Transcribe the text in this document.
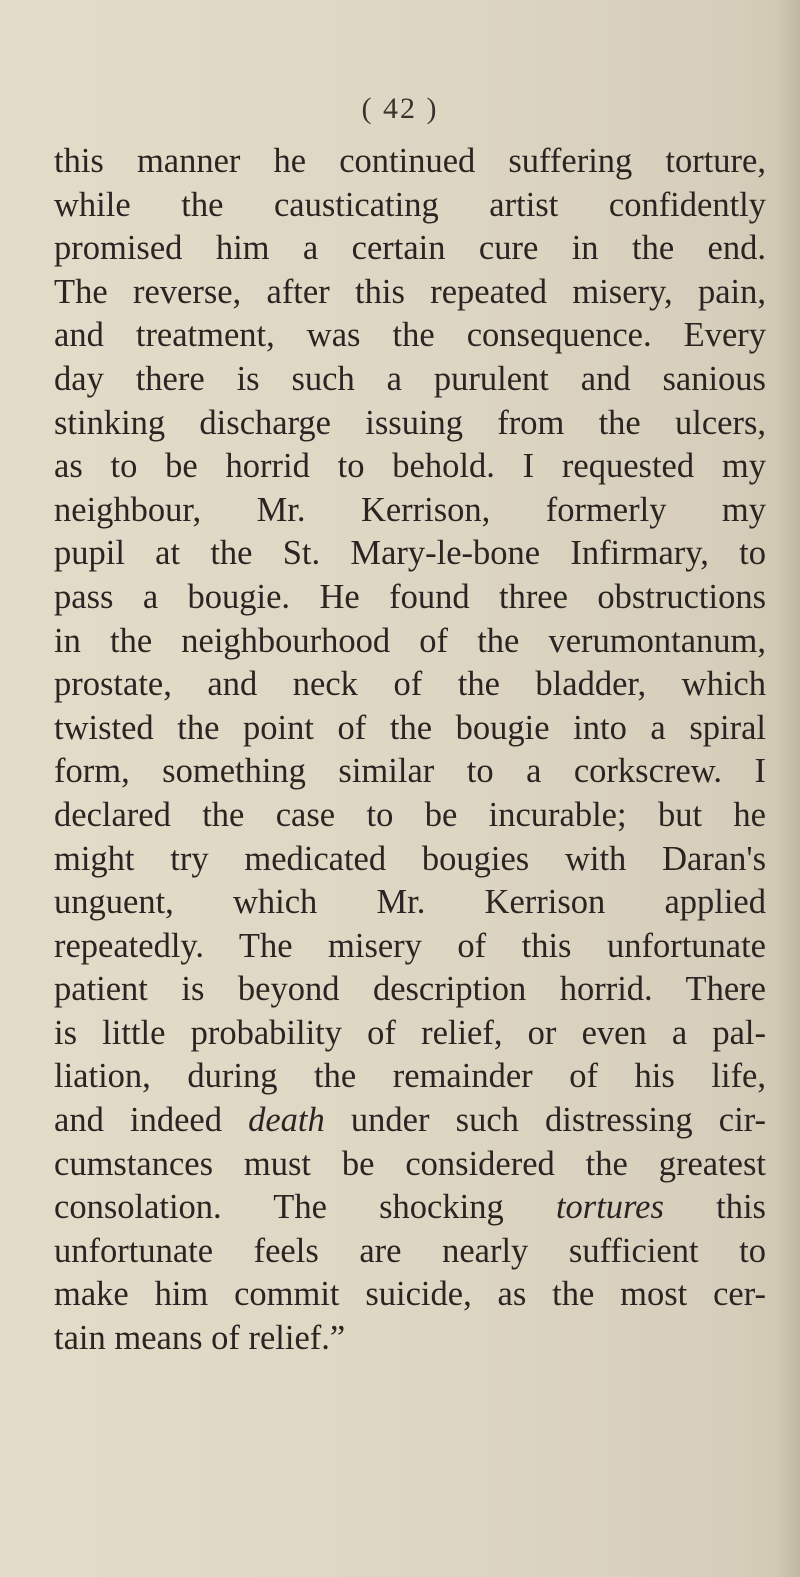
( 42 )
this manner he continued suffering torture,
while the causticating artist confidently
promised him a certain cure in the end.
The reverse, after this repeated misery, pain,
and treatment, was the consequence. Every
day there is such a purulent and sanious
stinking discharge issuing from the ulcers,
as to be horrid to behold. I requested my
neighbour, Mr. Kerrison, formerly my
pupil at the St. Mary-le-bone Infirmary, to
pass a bougie. He found three obstructions
in the neighbourhood of the verumontanum,
prostate, and neck of the bladder, which
twisted the point of the bougie into a spiral
form, something similar to a corkscrew. I
declared the case to be incurable; but he
might try medicated bougies with Daran's
unguent, which Mr. Kerrison applied
repeatedly. The misery of this unfortunate
patient is beyond description horrid. There
is little probability of relief, or even a pal-
liation, during the remainder of his life,
and indeed death under such distressing cir-
cumstances must be considered the greatest
consolation. The shocking tortures this
unfortunate feels are nearly sufficient to
make him commit suicide, as the most cer-
tain means of relief.”
